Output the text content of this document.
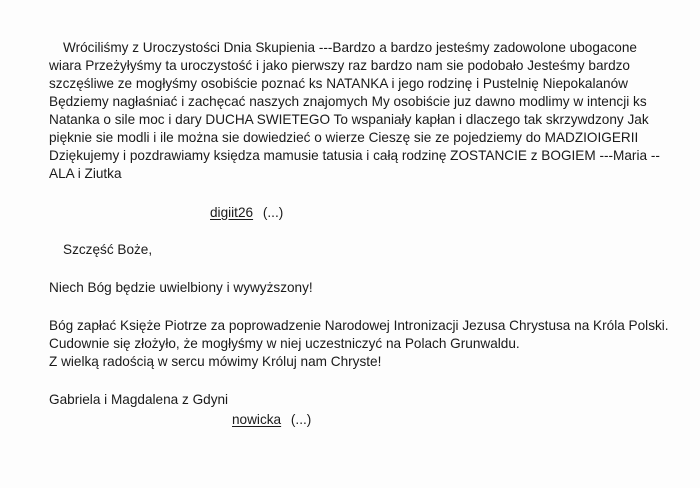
Wróciliśmy z Uroczystości Dnia Skupienia ---Bardzo a bardzo jesteśmy zadowolone ubogacone
wiara Przeżyłyśmy ta uroczystość i jako pierwszy raz bardzo nam sie podobało Jesteśmy bardzo
szczęśliwe ze mogłyśmy osobiście poznać ks NATANKA i jego rodzinę i Pustelnię Niepokalanów
Będziemy nagłaśniać i zachęcać naszych znajomych My osobiście juz dawno modlimy w intencji ks
Natanka o sile moc i dary DUCHA SWIETEGO To wspaniały kapłan i dlaczego tak skrzywdzony Jak
pięknie sie modli i ile można sie dowiedzieć o wierze Cieszę sie ze pojedziemy do MADZIOIGERII
Dziękujemy i pozdrawiamy księdza mamusie tatusia i całą rodzinę ZOSTANCIE z BOGIEM ---Maria --
ALA i Ziutka
digiit26 (...)
Szczęść Boże,
Niech Bóg będzie uwielbiony i wywyższony!
Bóg zapłać Księże Piotrze za poprowadzenie Narodowej Intronizacji Jezusa Chrystusa na Króla Polski.
Cudownie się złożyło, że mogłyśmy w niej uczestniczyć na Polach Grunwaldu.
Z wielką radością w sercu mówimy Króluj nam Chryste!
Gabriela i Magdalena z Gdyni
nowicka (...)
